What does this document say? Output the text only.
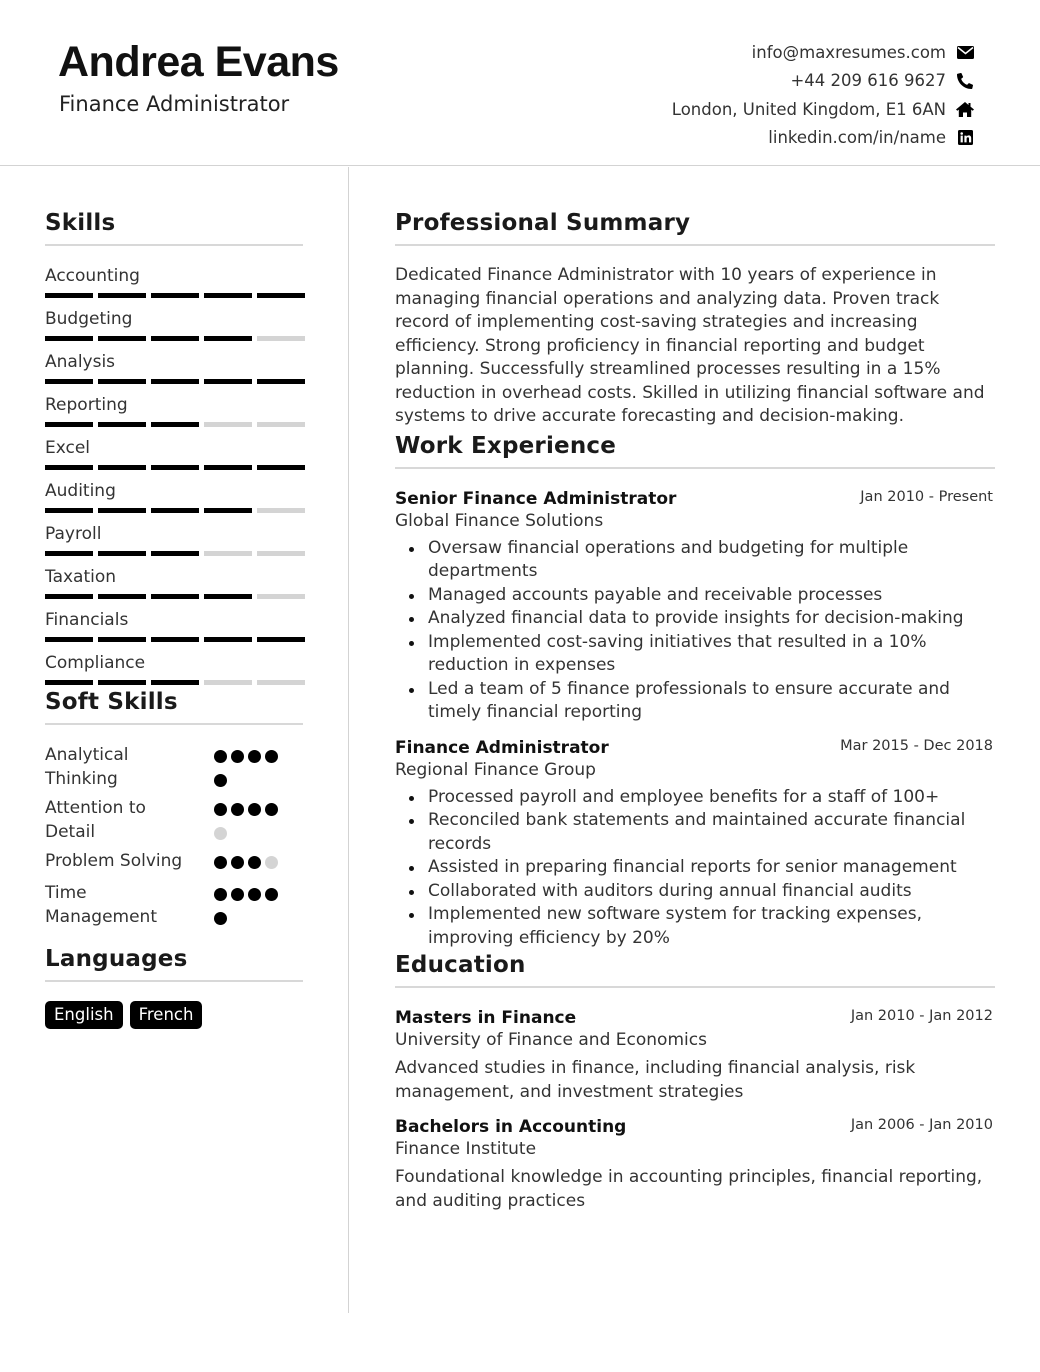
Andrea Evans
Finance Administrator
info@maxresumes.com
+44 209 616 9627
London, United Kingdom, E1 6AN
linkedin.com/in/name
Skills
Accounting
Budgeting
Analysis
Reporting
Excel
Auditing
Payroll
Taxation
Financials
Compliance
Soft Skills
Analytical Thinking
Attention to Detail
Problem Solving
Time Management
Languages
English	French
Professional Summary
Dedicated Finance Administrator with 10 years of experience in managing financial operations and analyzing data. Proven track record of implementing cost-saving strategies and increasing efficiency. Strong proficiency in financial reporting and budget planning. Successfully streamlined processes resulting in a 15% reduction in overhead costs. Skilled in utilizing financial software and systems to drive accurate forecasting and decision-making.
Work Experience
Senior Finance Administrator	Jan 2010 - Present
Global Finance Solutions
Oversaw financial operations and budgeting for multiple departments
Managed accounts payable and receivable processes
Analyzed financial data to provide insights for decision-making
Implemented cost-saving initiatives that resulted in a 10% reduction in expenses
Led a team of 5 finance professionals to ensure accurate and timely financial reporting
Finance Administrator	Mar 2015 - Dec 2018
Regional Finance Group
Processed payroll and employee benefits for a staff of 100+
Reconciled bank statements and maintained accurate financial records
Assisted in preparing financial reports for senior management
Collaborated with auditors during annual financial audits
Implemented new software system for tracking expenses, improving efficiency by 20%
Education
Masters in Finance	Jan 2010 - Jan 2012
University of Finance and Economics
Advanced studies in finance, including financial analysis, risk management, and investment strategies
Bachelors in Accounting	Jan 2006 - Jan 2010
Finance Institute
Foundational knowledge in accounting principles, financial reporting, and auditing practices
